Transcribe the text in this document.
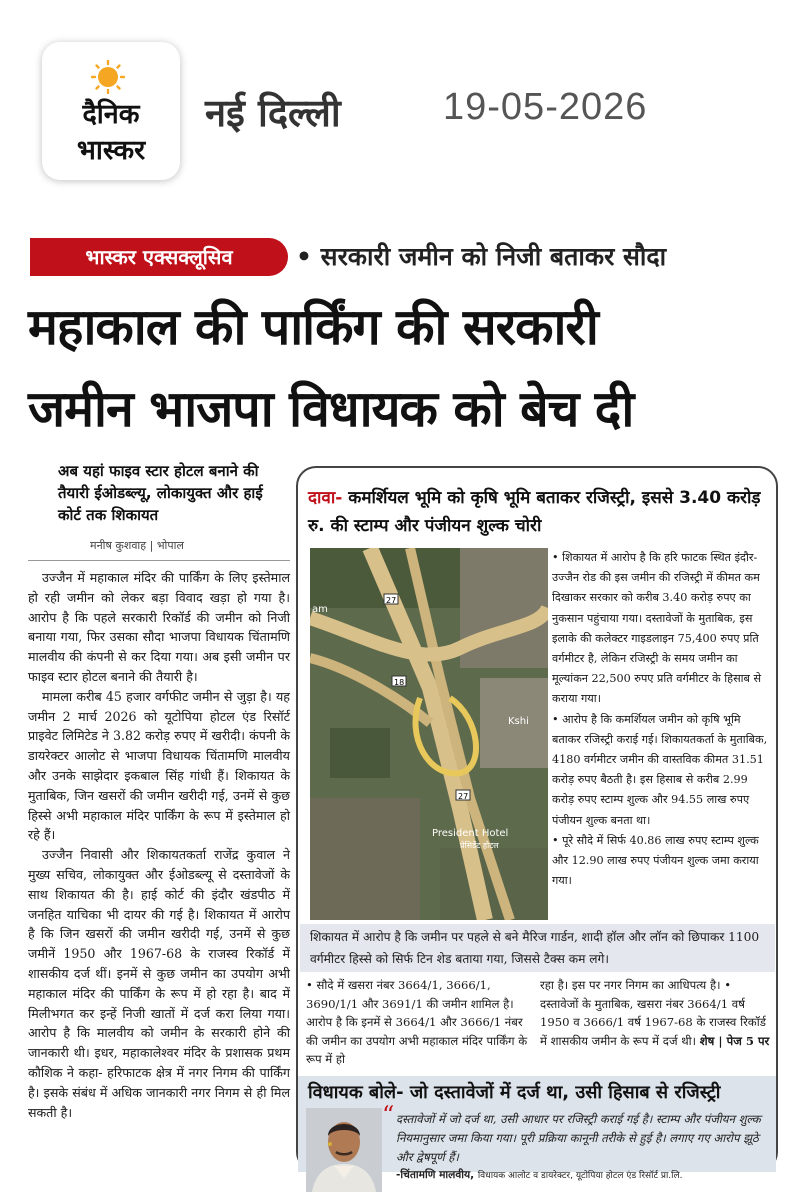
दैनिक
भास्कर
नई दिल्ली	19-05-2026
भास्कर एक्सक्लूसिव	• सरकारी जमीन को निजी बताकर सौदा
महाकाल की पार्किंग की सरकारी
जमीन भाजपा विधायक को बेच दी
अब यहां फाइव स्टार होटल बनाने की तैयारी ईओडब्ल्यू, लोकायुक्त और हाई कोर्ट तक शिकायत
मनीष कुशवाह | भोपाल

उज्जैन में महाकाल मंदिर की पार्किंग के लिए इस्तेमाल हो रही जमीन को लेकर बड़ा विवाद खड़ा हो गया है। आरोप है कि पहले सरकारी रिकॉर्ड की जमीन को निजी बनाया गया, फिर उसका सौदा भाजपा विधायक चिंतामणि मालवीय की कंपनी से कर दिया गया। अब इसी जमीन पर फाइव स्टार होटल बनाने की तैयारी है।

मामला करीब 45 हजार वर्गफीट जमीन से जुड़ा है। यह जमीन 2 मार्च 2026 को यूटोपिया होटल एंड रिसॉर्ट प्राइवेट लिमिटेड ने 3.82 करोड़ रुपए में खरीदी। कंपनी के डायरेक्टर आलोट से भाजपा विधायक चिंतामणि मालवीय और उनके साझेदार इकबाल सिंह गांधी हैं। शिकायत के मुताबिक, जिन खसरों की जमीन खरीदी गई, उनमें से कुछ हिस्से अभी महाकाल मंदिर पार्किंग के रूप में इस्तेमाल हो रहे हैं।

उज्जैन निवासी और शिकायतकर्ता राजेंद्र कुवाल ने मुख्य सचिव, लोकायुक्त और ईओडब्ल्यू से दस्तावेजों के साथ शिकायत की है। हाई कोर्ट की इंदौर खंडपीठ में जनहित याचिका भी दायर की गई है। शिकायत में आरोप है कि जिन खसरों की जमीन खरीदी गई, उनमें से कुछ जमीनें 1950 और 1967-68 के राजस्व रिकॉर्ड में शासकीय दर्ज थीं। इनमें से कुछ जमीन का उपयोग अभी महाकाल मंदिर की पार्किंग के रूप में हो रहा है। बाद में मिलीभगत कर इन्हें निजी खातों में दर्ज करा लिया गया। आरोप है कि मालवीय को जमीन के सरकारी होने की जानकारी थी। इधर, महाकालेश्वर मंदिर के प्रशासक प्रथम कौशिक ने कहा- हरिफाटक क्षेत्र में नगर निगम की पार्किंग है। इसके संबंध में अधिक जानकारी नगर निगम से ही मिल सकती है।

दावा- कमर्शियल भूमि को कृषि भूमि बताकर रजिस्ट्री, इससे 3.40 करोड़ रु. की स्टाम्प और पंजीयन शुल्क चोरी
27
18
27
am
Kshi
President Hotel
प्रेसिडेंट होटल

• शिकायत में आरोप है कि हरि फाटक स्थित इंदौर-उज्जैन रोड की इस जमीन की रजिस्ट्री में कीमत कम दिखाकर सरकार को करीब 3.40 करोड़ रुपए का नुकसान पहुंचाया गया। दस्तावेजों के मुताबिक, इस इलाके की कलेक्टर गाइडलाइन 75,400 रुपए प्रति वर्गमीटर है, लेकिन रजिस्ट्री के समय जमीन का मूल्यांकन 22,500 रुपए प्रति वर्गमीटर के हिसाब से कराया गया।

• आरोप है कि कमर्शियल जमीन को कृषि भूमि बताकर रजिस्ट्री कराई गई। शिकायतकर्ता के मुताबिक, 4180 वर्गमीटर जमीन की वास्तविक कीमत 31.51 करोड़ रुपए बैठती है। इस हिसाब से करीब 2.99 करोड़ रुपए स्टाम्प शुल्क और 94.55 लाख रुपए पंजीयन शुल्क बनता था।

• पूरे सौदे में सिर्फ 40.86 लाख रुपए स्टाम्प शुल्क और 12.90 लाख रुपए पंजीयन शुल्क जमा कराया गया।

शिकायत में आरोप है कि जमीन पर पहले से बने मैरिज गार्डन, शादी हॉल और लॉन को छिपाकर 1100 वर्गमीटर हिस्से को सिर्फ टिन शेड बताया गया, जिससे टैक्स कम लगे।

• सौदे में खसरा नंबर 3664/1, 3666/1, 3690/1/1 और 3691/1 की जमीन शामिल है। आरोप है कि इनमें से 3664/1 और 3666/1 नंबर की जमीन का उपयोग अभी महाकाल मंदिर पार्किंग के रूप में हो

रहा है। इस पर नगर निगम का आधिपत्य है। • दस्तावेजों के मुताबिक, खसरा नंबर 3664/1 वर्ष 1950 व 3666/1 वर्ष 1967-68 के राजस्व रिकॉर्ड में शासकीय जमीन के रूप में दर्ज थी। शेष | पेज 5 पर

विधायक बोले- जो दस्तावेजों में दर्ज था, उसी हिसाब से रजिस्ट्री
“ दस्तावेजों में जो दर्ज था, उसी आधार पर रजिस्ट्री कराई गई है। स्टाम्प और पंजीयन शुल्क नियमानुसार जमा किया गया। पूरी प्रक्रिया कानूनी तरीके से हुई है। लगाए गए आरोप झूठे और द्वेषपूर्ण हैं।
-चिंतामणि मालवीय, विधायक आलोट व डायरेक्टर, यूटोपिया होटल एंड रिसॉर्ट प्रा.लि.
